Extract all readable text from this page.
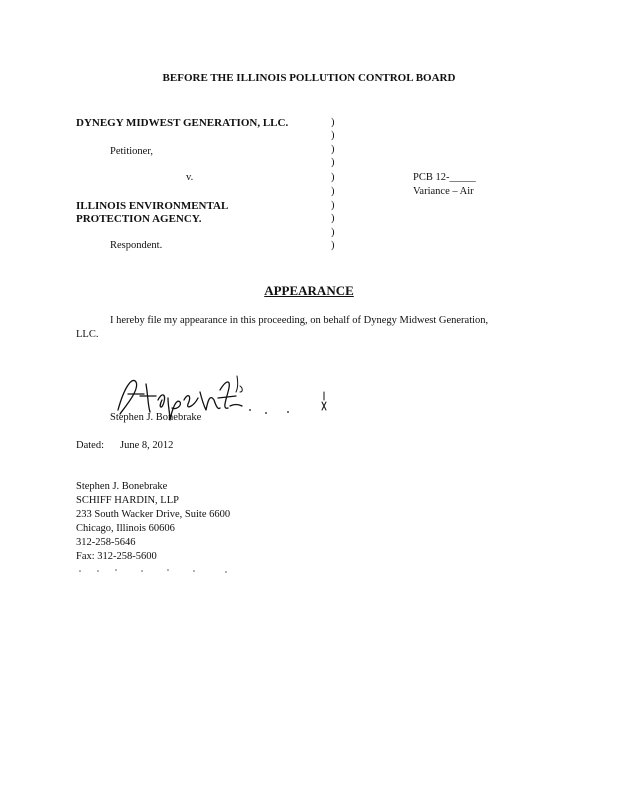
BEFORE THE ILLINOIS POLLUTION CONTROL BOARD
DYNEGY MIDWEST GENERATION, LLC.
Petitioner,
v.
ILLINOIS ENVIRONMENTAL
PROTECTION AGENCY.
Respondent.
)
)
)
)
)
)
)
)
)
)
PCB 12-_____
Variance – Air
APPEARANCE
I hereby file my appearance in this proceeding, on behalf of Dynegy Midwest Generation,
LLC.
Stephen J. Bonebrake
Dated: June 8, 2012
Stephen J. Bonebrake
SCHIFF HARDIN, LLP
233 South Wacker Drive, Suite 6600
Chicago, Illinois 60606
312-258-5646
Fax: 312-258-5600
